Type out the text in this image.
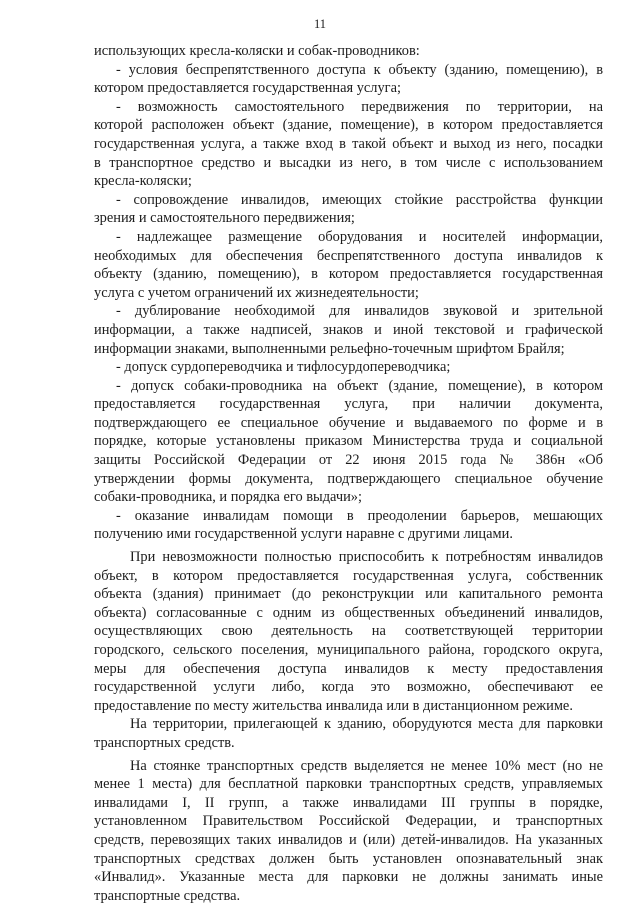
11
использующих кресла-коляски и собак-проводников:
- условия беспрепятственного доступа к объекту (зданию, помещению), в
котором предоставляется государственная услуга;
- возможность самостоятельного передвижения по территории, на
которой расположен объект (здание, помещение), в котором предоставляется
государственная услуга, а также вход в такой объект и выход из него, посадки
в транспортное средство и высадки из него, в том числе с использованием
кресла-коляски;
- сопровождение инвалидов, имеющих стойкие расстройства функции
зрения и самостоятельного передвижения;
- надлежащее размещение оборудования и носителей информации,
необходимых для обеспечения беспрепятственного доступа инвалидов к
объекту (зданию, помещению), в котором предоставляется государственная
услуга с учетом ограничений их жизнедеятельности;
- дублирование необходимой для инвалидов звуковой и зрительной
информации, а также надписей, знаков и иной текстовой и графической
информации знаками, выполненными рельефно-точечным шрифтом Брайля;
- допуск сурдопереводчика и тифлосурдопереводчика;
- допуск собаки-проводника на объект (здание, помещение), в котором
предоставляется государственная услуга, при наличии документа,
подтверждающего ее специальное обучение и выдаваемого по форме и в
порядке, которые установлены приказом Министерства труда и социальной
защиты Российской Федерации от 22 июня 2015 года № 386н «Об
утверждении формы документа, подтверждающего специальное обучение
собаки-проводника, и порядка его выдачи»;
- оказание инвалидам помощи в преодолении барьеров, мешающих
получению ими государственной услуги наравне с другими лицами.
При невозможности полностью приспособить к потребностям инвалидов
объект, в котором предоставляется государственная услуга, собственник
объекта (здания) принимает (до реконструкции или капитального ремонта
объекта) согласованные с одним из общественных объединений инвалидов,
осуществляющих свою деятельность на соответствующей территории
городского, сельского поселения, муниципального района, городского округа,
меры для обеспечения доступа инвалидов к месту предоставления
государственной услуги либо, когда это возможно, обеспечивают ее
предоставление по месту жительства инвалида или в дистанционном режиме.
На территории, прилегающей к зданию, оборудуются места для парковки
транспортных средств.
На стоянке транспортных средств выделяется не менее 10% мест (но не
менее 1 места) для бесплатной парковки транспортных средств, управляемых
инвалидами I, II групп, а также инвалидами III группы в порядке,
установленном Правительством Российской Федерации, и транспортных
средств, перевозящих таких инвалидов и (или) детей-инвалидов. На указанных
транспортных средствах должен быть установлен опознавательный знак
«Инвалид». Указанные места для парковки не должны занимать иные
транспортные средства.
